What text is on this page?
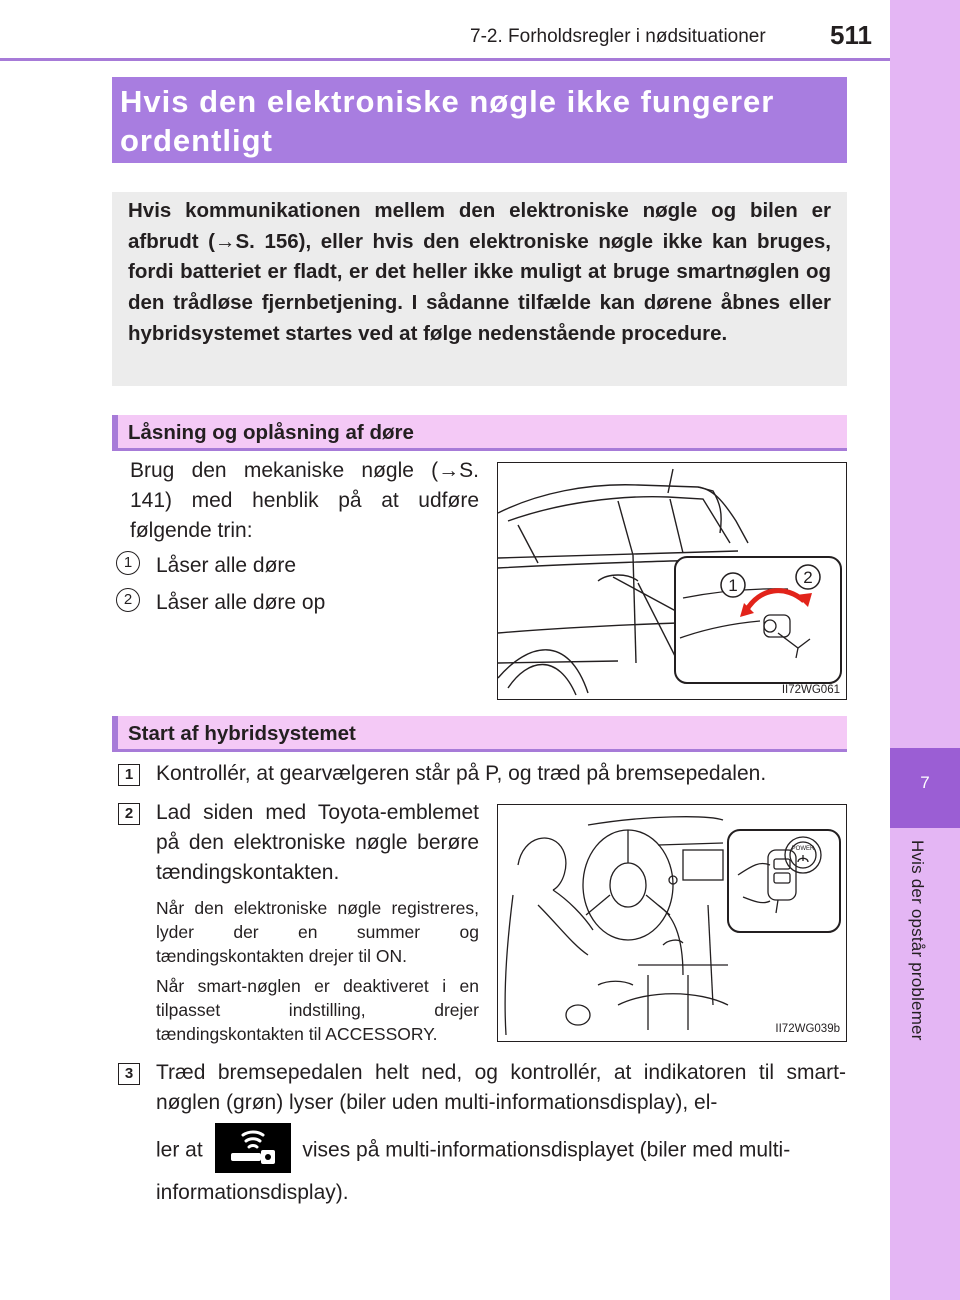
7-2. Forholdsregler i nødsituationer 511
7
Hvis der opstår problemer
Hvis den elektroniske nøgle ikke fungerer ordentligt
Hvis kommunikationen mellem den elektroniske nøgle og bilen er afbrudt (→S. 156), eller hvis den elektroniske nøgle ikke kan bruges, fordi batteriet er fladt, er det heller ikke muligt at bruge smartnøglen og den trådløse fjernbetjening. I sådanne tilfælde kan dørene åbnes eller hybridsystemet startes ved at følge nedenstående procedure.
Låsning og oplåsning af døre
Brug den mekaniske nøgle (→S. 141) med henblik på at udføre følgende trin:
1	Låser alle døre
2	Låser alle døre op
1	2
II72WG061
Start af hybridsystemet
1	Kontrollér, at gearvælgeren står på P, og træd på bremsepedalen.
2	Lad siden med Toyota-emblemet på den elektroniske nøgle berøre tændingskontakten.
Når den elektroniske nøgle registreres, lyder der en summer og tændingskontakten drejer til ON.
Når smart-nøglen er deaktiveret i en tilpasset indstilling, drejer tændingskontakten til ACCESSORY.
POWER
II72WG039b
3	Træd bremsepedalen helt ned, og kontrollér, at indikatoren til smart-nøglen (grøn) lyser (biler uden multi-informationsdisplay), el-
ler at	vises på multi-informationsdisplayet (biler med multi-
informationsdisplay).
